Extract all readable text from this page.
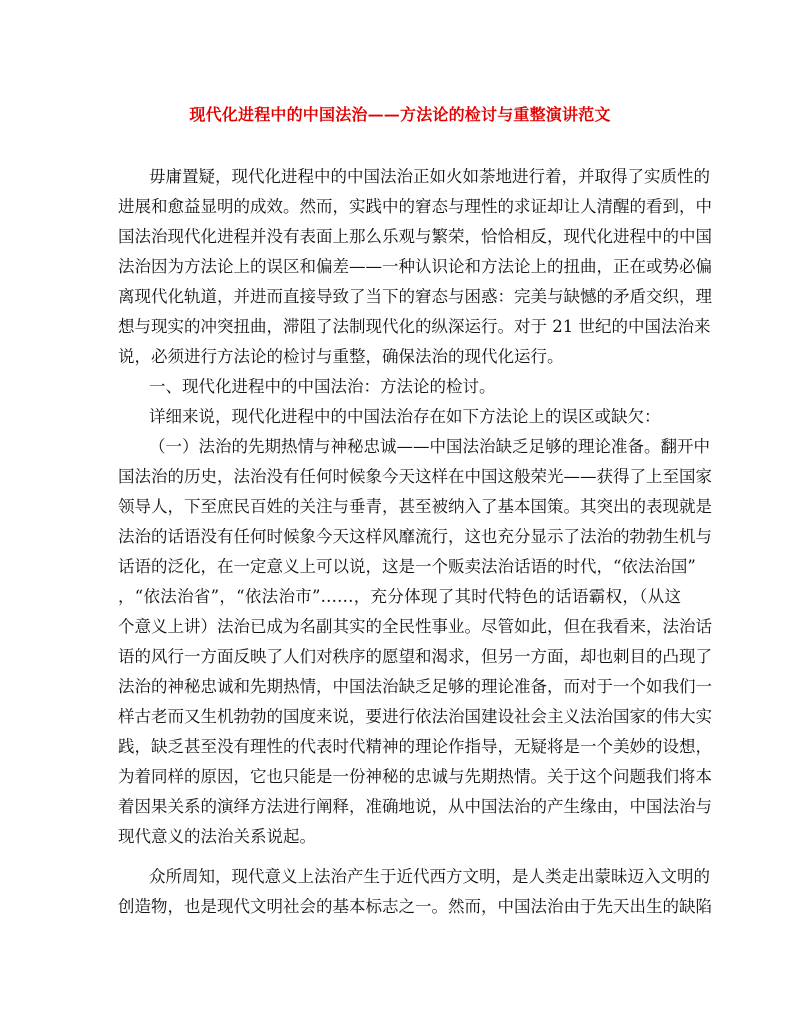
现代化进程中的中国法治——方法论的检讨与重整演讲范文
毋庸置疑，现代化进程中的中国法治正如火如荼地进行着，并取得了实质性的
进展和愈益显明的成效。然而，实践中的窘态与理性的求证却让人清醒的看到，中
国法治现代化进程并没有表面上那么乐观与繁荣，恰恰相反，现代化进程中的中国
法治因为方法论上的误区和偏差——一种认识论和方法论上的扭曲，正在或势必偏
离现代化轨道，并进而直接导致了当下的窘态与困惑：完美与缺憾的矛盾交织，理
想与现实的冲突扭曲，滞阻了法制现代化的纵深运行。对于 21 世纪的中国法治来
说，必须进行方法论的检讨与重整，确保法治的现代化运行。
一、现代化进程中的中国法治：方法论的检讨。
详细来说，现代化进程中的中国法治存在如下方法论上的误区或缺欠：
（一）法治的先期热情与神秘忠诚——中国法治缺乏足够的理论准备。翻开中
国法治的历史，法治没有任何时候象今天这样在中国这般荣光——获得了上至国家
领导人，下至庶民百姓的关注与垂青，甚至被纳入了基本国策。其突出的表现就是
法治的话语没有任何时候象今天这样风靡流行，这也充分显示了法治的勃勃生机与
话语的泛化，在一定意义上可以说，这是一个贩卖法治话语的时代，“依法治国”
，“依法治省”，“依法治市”……，充分体现了其时代特色的话语霸权，（从这
个意义上讲）法治已成为名副其实的全民性事业。尽管如此，但在我看来，法治话
语的风行一方面反映了人们对秩序的愿望和渴求，但另一方面，却也刺目的凸现了
法治的神秘忠诚和先期热情，中国法治缺乏足够的理论准备，而对于一个如我们一
样古老而又生机勃勃的国度来说，要进行依法治国建设社会主义法治国家的伟大实
践，缺乏甚至没有理性的代表时代精神的理论作指导，无疑将是一个美妙的设想，
为着同样的原因，它也只能是一份神秘的忠诚与先期热情。关于这个问题我们将本
着因果关系的演绎方法进行阐释，准确地说，从中国法治的产生缘由，中国法治与
现代意义的法治关系说起。
众所周知，现代意义上法治产生于近代西方文明，是人类走出蒙昧迈入文明的
创造物，也是现代文明社会的基本标志之一。然而，中国法治由于先天出生的缺陷
